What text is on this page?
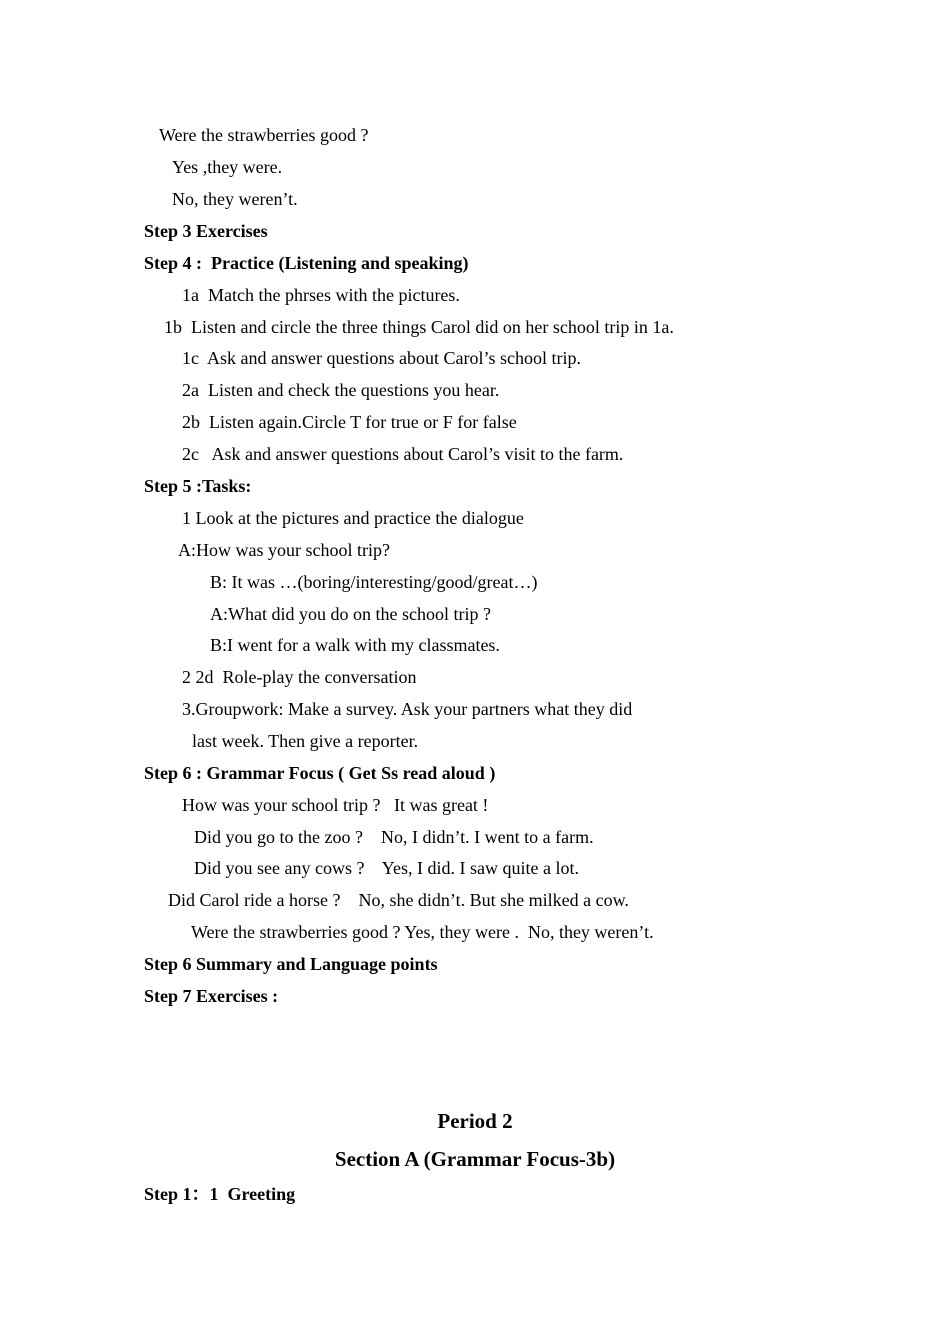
Were the strawberries good ?
Yes ,they were.
No, they weren’t.
Step 3 Exercises
Step 4 :  Practice (Listening and speaking)
1a  Match the phrses with the pictures.
1b  Listen and circle the three things Carol did on her school trip in 1a.
1c  Ask and answer questions about Carol’s school trip.
2a  Listen and check the questions you hear.
2b  Listen again.Circle T for true or F for false
2c   Ask and answer questions about Carol’s visit to the farm.
Step 5 :Tasks:
1 Look at the pictures and practice the dialogue
A:How was your school trip?
B: It was …(boring/interesting/good/great…)
A:What did you do on the school trip ?
B:I went for a walk with my classmates.
2 2d  Role-play the conversation
3.Groupwork: Make a survey. Ask your partners what they did
last week. Then give a reporter.
Step 6 : Grammar Focus ( Get Ss read aloud )
How was your school trip ?   It was great !
Did you go to the zoo ?    No, I didn’t. I went to a farm.
Did you see any cows ?    Yes, I did. I saw quite a lot.
Did Carol ride a horse ?    No, she didn’t. But she milked a cow.
Were the strawberries good ? Yes, they were .  No, they weren’t.
Step 6 Summary and Language points
Step 7 Exercises :
Period 2
Section A (Grammar Focus-3b)
Step 1：1  Greeting
